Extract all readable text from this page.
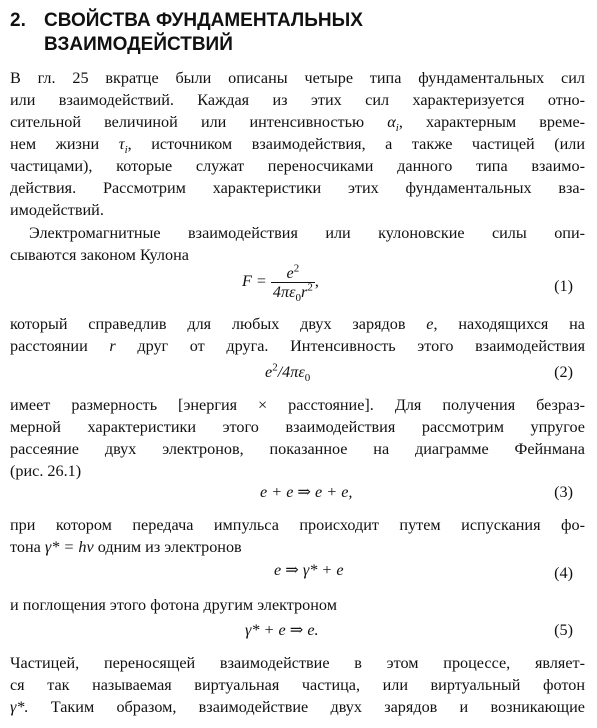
2. СВОЙСТВА ФУНДАМЕНТАЛЬНЫХ
ВЗАИМОДЕЙСТВИЙ
В гл. 25 вкратце были описаны четыре типа фундаментальных сил
или взаимодействий. Каждая из этих сил характеризуется отно-
сительной величиной или интенсивностью $\alpha_i$, характерным време-
нем жизни $\tau_i$, источником взаимодействия, а также частицей (или
частицами), которые служат переносчиками данного типа взаимо-
действия. Рассмотрим характеристики этих фундаментальных вза-
имодействий.
Электромагнитные взаимодействия или кулоновские силы опи-
сываются законом Кулона
$F = \frac{e^2}{4\pi\varepsilon_0r^2}$ ,	(1)
который справедлив для любых двух зарядов e, находящихся на
расстоянии r друг от друга. Интенсивность этого взаимодействия
$e^2/4\pi\varepsilon_0$	(2)
имеет размерность [энергия × расстояние]. Для получения безраз-
мерной характеристики этого взаимодействия рассмотрим упругое
рассеяние двух электронов, показанное на диаграмме Фейнмана
(рис. 26.1)
e + e ⇒ e + e,	(3)
при котором передача импульса происходит путем испускания фо-
тона γ* = hν одним из электронов
e ⇒ γ* + e	(4)
и поглощения этого фотона другим электроном
γ* + e ⇒ e.	(5)
Частицей, переносящей взаимодействие в этом процессе, являет-
ся так называемая виртуальная частица, или виртуальный фотон
γ*. Таким образом, взаимодействие двух зарядов и возникающие
